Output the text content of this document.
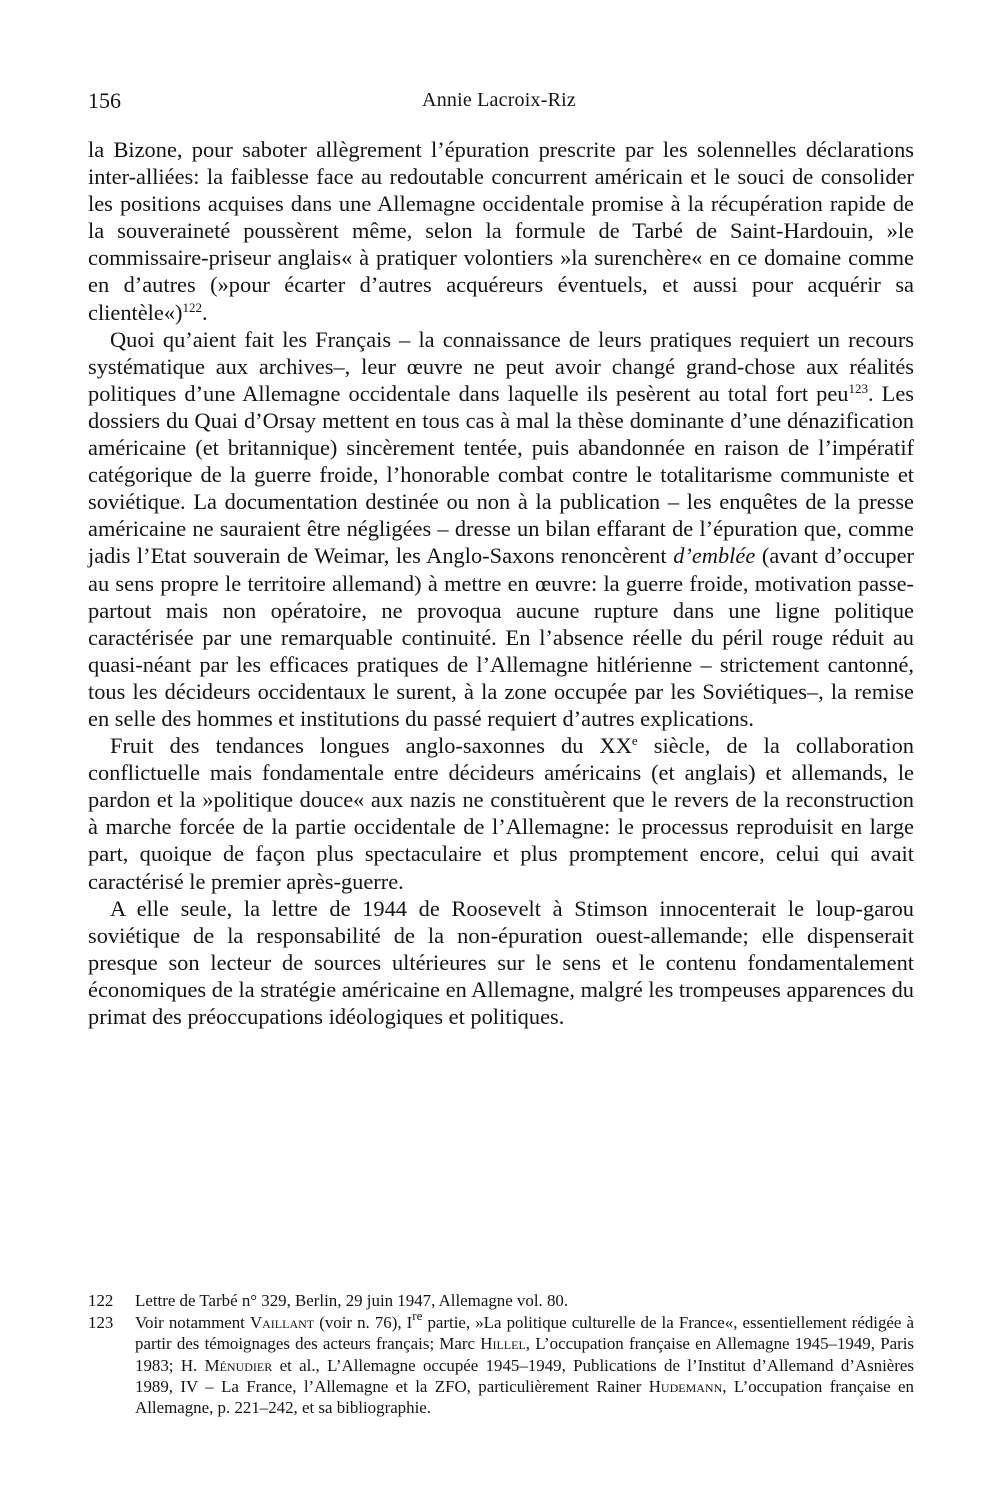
156	Annie Lacroix-Riz

la Bizone, pour saboter allègrement l’épuration prescrite par les solennelles déclarations inter-alliées: la faiblesse face au redoutable concurrent américain et le souci de consolider les positions acquises dans une Allemagne occidentale promise à la récupération rapide de la souveraineté poussèrent même, selon la formule de Tarbé de Saint-Hardouin, »le commissaire-priseur anglais« à pratiquer volontiers »la surenchère« en ce domaine comme en d’autres (»pour écarter d’autres acquéreurs éventuels, et aussi pour acquérir sa clientèle«)$^{122}$.

Quoi qu’aient fait les Français – la connaissance de leurs pratiques requiert un recours systématique aux archives–, leur œuvre ne peut avoir changé grand-chose aux réalités politiques d’une Allemagne occidentale dans laquelle ils pesèrent au total fort peu$^{123}$. Les dossiers du Quai d’Orsay mettent en tous cas à mal la thèse dominante d’une dénazification américaine (et britannique) sincèrement tentée, puis abandonnée en raison de l’impératif catégorique de la guerre froide, l’honorable combat contre le totalitarisme communiste et soviétique. La documentation destinée ou non à la publication – les enquêtes de la presse américaine ne sauraient être négligées – dresse un bilan effarant de l’épuration que, comme jadis l’Etat souverain de Weimar, les Anglo-Saxons renoncèrent d’emblée (avant d’occuper au sens propre le territoire allemand) à mettre en œuvre: la guerre froide, motivation passe-partout mais non opératoire, ne provoqua aucune rupture dans une ligne politique caractérisée par une remarquable continuité. En l’absence réelle du péril rouge réduit au quasi-néant par les efficaces pratiques de l’Allemagne hitlérienne – strictement cantonné, tous les décideurs occidentaux le surent, à la zone occupée par les Soviétiques–, la remise en selle des hommes et institutions du passé requiert d’autres explications.

Fruit des tendances longues anglo-saxonnes du XXe siècle, de la collaboration conflictuelle mais fondamentale entre décideurs américains (et anglais) et allemands, le pardon et la »politique douce« aux nazis ne constituèrent que le revers de la reconstruction à marche forcée de la partie occidentale de l’Allemagne: le processus reproduisit en large part, quoique de façon plus spectaculaire et plus promptement encore, celui qui avait caractérisé le premier après-guerre.

A elle seule, la lettre de 1944 de Roosevelt à Stimson innocenterait le loup-garou soviétique de la responsabilité de la non-épuration ouest-allemande; elle dispenserait presque son lecteur de sources ultérieures sur le sens et le contenu fondamentalement économiques de la stratégie américaine en Allemagne, malgré les trompeuses apparences du primat des préoccupations idéologiques et politiques.

122 Lettre de Tarbé n° 329, Berlin, 29 juin 1947, Allemagne vol. 80.
123 Voir notamment Vaillant (voir n. 76), Ire partie, »La politique culturelle de la France«, essentiellement rédigée à partir des témoignages des acteurs français; Marc Hillel, L’occupation française en Allemagne 1945–1949, Paris 1983; H. Ménudier et al., L’Allemagne occupée 1945–1949, Publications de l’Institut d’Allemand d’Asnières 1989, IV – La France, l’Allemagne et la ZFO, particulièrement Rainer Hudemann, L’occupation française en Allemagne, p. 221–242, et sa bibliographie.
